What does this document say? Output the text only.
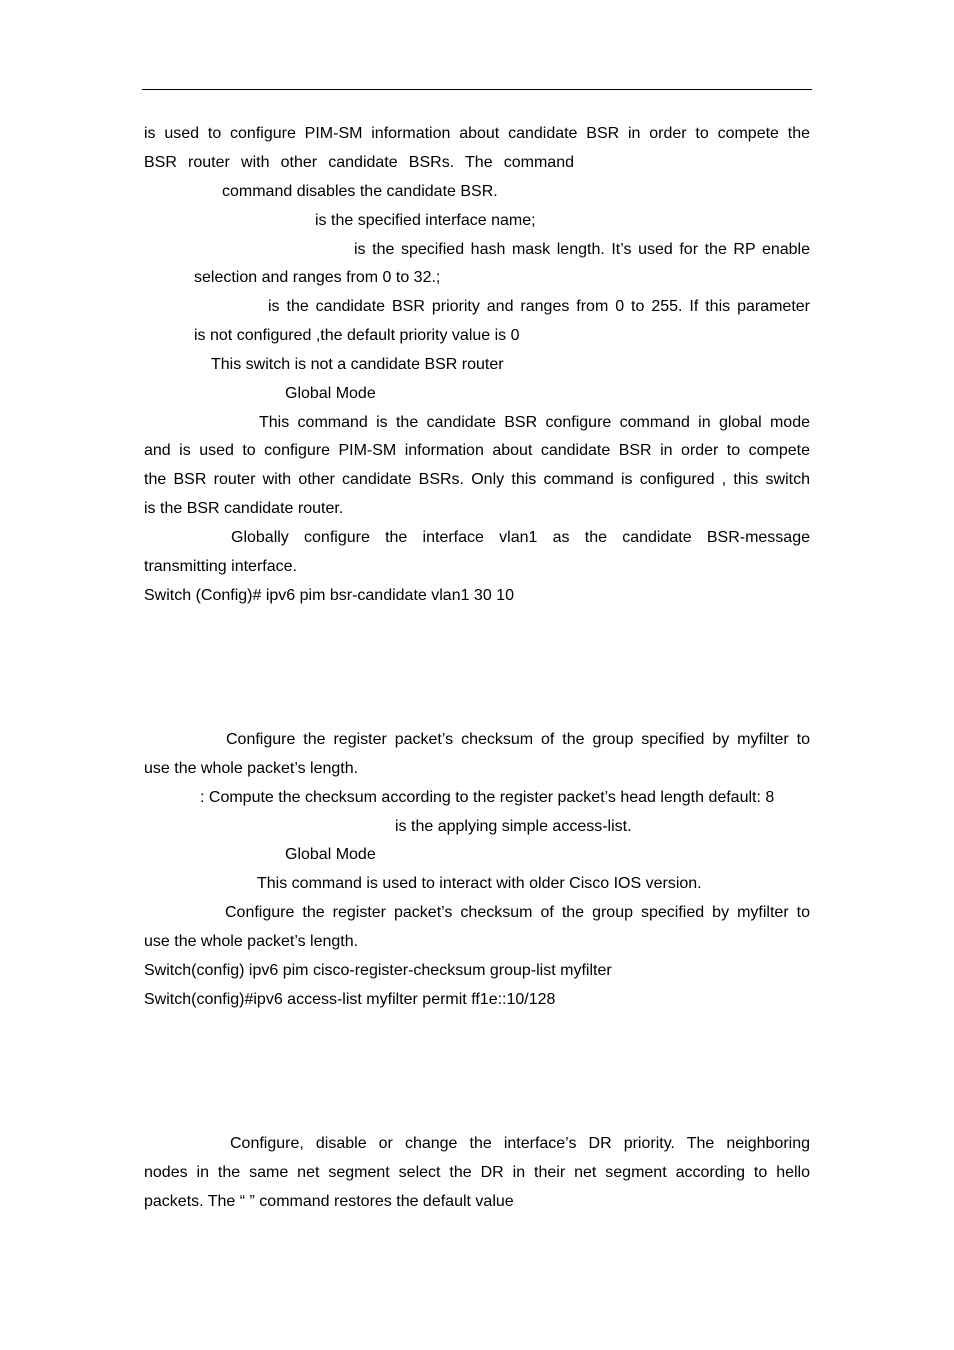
is used to configure PIM-SM information about candidate BSR in order to compete the
BSR router with other candidate BSRs. The command
command disables the candidate BSR.
is the specified interface name;
is the specified hash mask length. It’s used for the RP enable
selection and ranges from 0 to 32.;
is the candidate BSR priority and ranges from 0 to 255. If this parameter
is not configured ,the default priority value is 0
This switch is not a candidate BSR router
Global Mode
This command is the candidate BSR configure command in global mode
and is used to configure PIM-SM information about candidate BSR in order to compete
the BSR router with other candidate BSRs. Only this command is configured , this switch
is the BSR candidate router.
Globally configure the interface vlan1 as the candidate BSR-message
transmitting interface.
Switch (Config)# ipv6 pim bsr-candidate vlan1 30 10
Configure the register packet’s checksum of the group specified by myfilter to
use the whole packet’s length.
: Compute the checksum according to the register packet’s head length default: 8
is the applying simple access-list.
Global Mode
This command is used to interact with older Cisco IOS version.
Configure the register packet’s checksum of the group specified by myfilter to
use the whole packet’s length.
Switch(config) ipv6 pim cisco-register-checksum group-list myfilter
Switch(config)#ipv6 access-list myfilter permit ff1e::10/128
Configure, disable or change the interface’s DR priority. The neighboring
nodes in the same net segment select the DR in their net segment according to hello
packets. The “ ” command restores the default value
